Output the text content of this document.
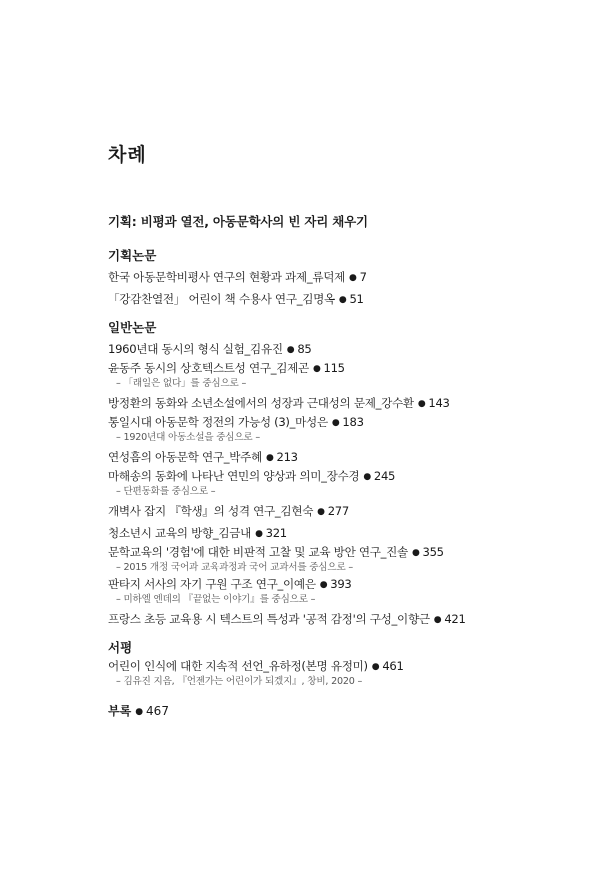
차례
기획: 비평과 열전, 아동문학사의 빈 자리 채우기
기획논문
한국 아동문학비평사 연구의 현황과 과제_류덕제 ● 7
「강감찬열전」 어린이 책 수용사 연구_김명옥 ● 51
일반논문
1960년대 동시의 형식 실험_김유진 ● 85
윤동주 동시의 상호텍스트성 연구_김제곤 ● 115
– 「래일은 없다」를 중심으로 –
방정환의 동화와 소년소설에서의 성장과 근대성의 문제_강수환 ● 143
통일시대 아동문학 정전의 가능성 (3)_마성은 ● 183
– 1920년대 아동소설을 중심으로 –
연성흠의 아동문학 연구_박주혜 ● 213
마해송의 동화에 나타난 연민의 양상과 의미_장수경 ● 245
– 단편동화를 중심으로 –
개벽사 잡지 『학생』의 성격 연구_김현숙 ● 277
청소년시 교육의 방향_김금내 ● 321
문학교육의 '경험'에 대한 비판적 고찰 및 교육 방안 연구_진솔 ● 355
– 2015 개정 국어과 교육과정과 국어 교과서를 중심으로 –
판타지 서사의 자기 구원 구조 연구_이예은 ● 393
– 미하엘 엔데의 『끝없는 이야기』를 중심으로 –
프랑스 초등 교육용 시 텍스트의 특성과 '공적 감정'의 구성_이향근 ● 421
서평
어린이 인식에 대한 지속적 선언_유하정(본명 유정미) ● 461
– 김유진 지음, 『언젠가는 어린이가 되겠지』, 창비, 2020 –
부록 ● 467
